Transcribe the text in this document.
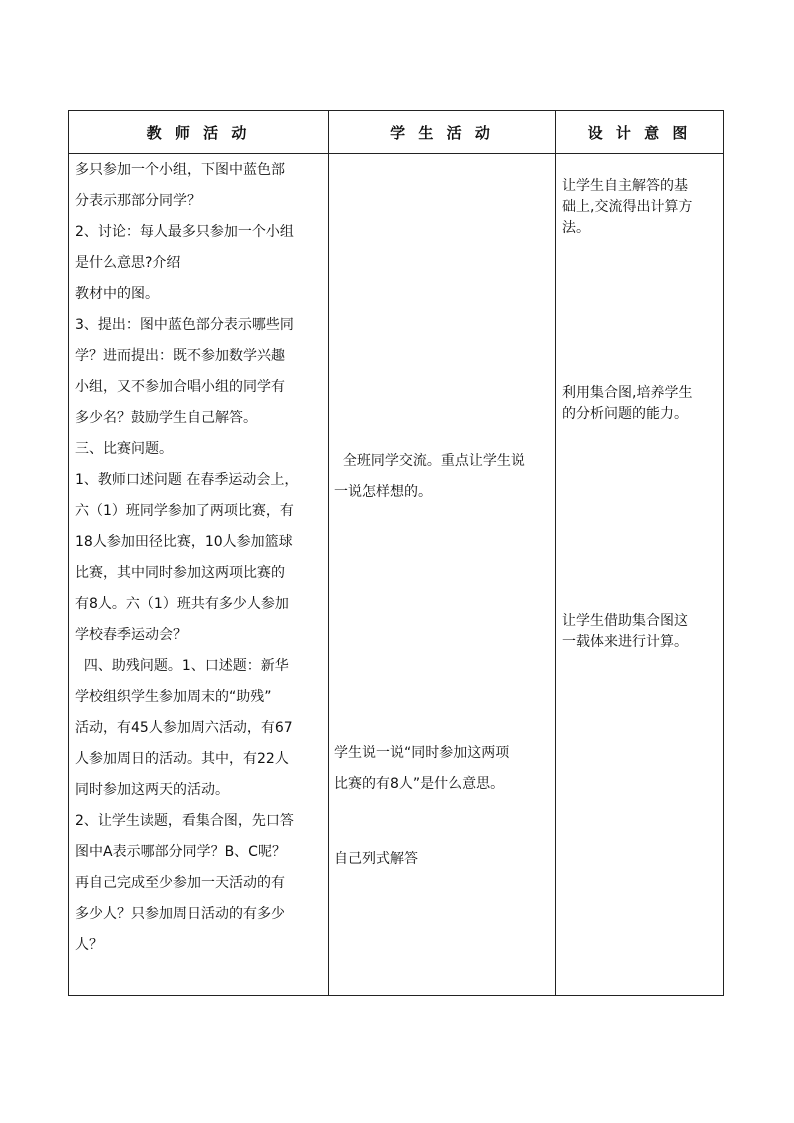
教 师 活 动	学 生 活 动	设 计 意 图
多只参加一个小组，下图中蓝色部
分表示那部分同学？
2、讨论：每人最多只参加一个小组
是什么意思?介绍
教材中的图。
3、提出：图中蓝色部分表示哪些同
学？进而提出：既不参加数学兴趣
小组，又不参加合唱小组的同学有
多少名？鼓励学生自己解答。
三、比赛问题。
1、教师口述问题 在春季运动会上，
六（1）班同学参加了两项比赛，有
18人参加田径比赛，10人参加篮球
比赛，其中同时参加这两项比赛的
有8人。六（1）班共有多少人参加
学校春季运动会？
四、助残问题。1、口述题：新华
学校组织学生参加周末的“助残”
活动，有45人参加周六活动，有67
人参加周日的活动。其中，有22人
同时参加这两天的活动。
2、让学生读题，看集合图，先口答
图中A表示哪部分同学？B、C呢？
再自己完成至少参加一天活动的有
多少人？只参加周日活动的有多少
人？
全班同学交流。重点让学生说
一说怎样想的。
学生说一说“同时参加这两项
比赛的有8人”是什么意思。
自己列式解答
让学生自主解答的基
础上,交流得出计算方
法。
利用集合图,培养学生
的分析问题的能力。
让学生借助集合图这
一载体来进行计算。
